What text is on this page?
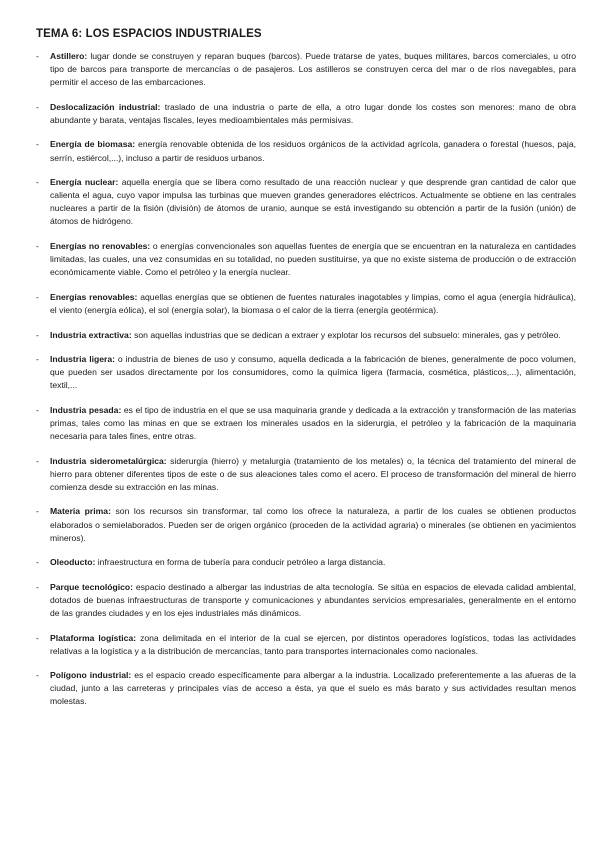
TEMA 6: LOS ESPACIOS INDUSTRIALES
- Astillero: lugar donde se construyen y reparan buques (barcos). Puede tratarse de yates, buques militares, barcos comerciales, u otro tipo de barcos para transporte de mercancías o de pasajeros. Los astilleros se construyen cerca del mar o de ríos navegables, para permitir el acceso de las embarcaciones.
- Deslocalización industrial: traslado de una industria o parte de ella, a otro lugar donde los costes son menores: mano de obra abundante y barata, ventajas fiscales, leyes medioambientales más permisivas.
- Energía de biomasa: energía renovable obtenida de los residuos orgánicos de la actividad agrícola, ganadera o forestal (huesos, paja, serrín, estiércol,...), incluso a partir de residuos urbanos.
- Energía nuclear: aquella energía que se libera como resultado de una reacción nuclear y que desprende gran cantidad de calor que calienta el agua, cuyo vapor impulsa las turbinas que mueven grandes generadores eléctricos. Actualmente se obtiene en las centrales nucleares a partir de la fisión (división) de átomos de uranio, aunque se está investigando su obtención a partir de la fusión (unión) de átomos de hidrógeno.
- Energías no renovables: o energías convencionales son aquellas fuentes de energía que se encuentran en la naturaleza en cantidades limitadas, las cuales, una vez consumidas en su totalidad, no pueden sustituirse, ya que no existe sistema de producción o de extracción económicamente viable. Como el petróleo y la energía nuclear.
- Energías renovables: aquellas energías que se obtienen de fuentes naturales inagotables y limpias, como el agua (energía hidráulica), el viento (energía eólica), el sol (energía solar), la biomasa o el calor de la tierra (energía geotérmica).
- Industria extractiva: son aquellas industrias que se dedican a extraer y explotar los recursos del subsuelo: minerales, gas y petróleo.
- Industria ligera: o industria de bienes de uso y consumo, aquella dedicada a la fabricación de bienes, generalmente de poco volumen, que pueden ser usados directamente por los consumidores, como la química ligera (farmacia, cosmética, plásticos,...), alimentación, textil,...
- Industria pesada: es el tipo de industria en el que se usa maquinaria grande y dedicada a la extracción y transformación de las materias primas, tales como las minas en que se extraen los minerales usados en la siderurgia, el petróleo y la fabricación de la maquinaria necesaria para tales fines, entre otras.
- Industria siderometalúrgica: siderurgia (hierro) y metalurgia (tratamiento de los metales) o, la técnica del tratamiento del mineral de hierro para obtener diferentes tipos de este o de sus aleaciones tales como el acero. El proceso de transformación del mineral de hierro comienza desde su extracción en las minas.
- Materia prima: son los recursos sin transformar, tal como los ofrece la naturaleza, a partir de los cuales se obtienen productos elaborados o semielaborados. Pueden ser de origen orgánico (proceden de la actividad agraria) o minerales (se obtienen en yacimientos mineros).
- Oleoducto: infraestructura en forma de tubería para conducir petróleo a larga distancia.
- Parque tecnológico: espacio destinado a albergar las industrias de alta tecnología. Se sitúa en espacios de elevada calidad ambiental, dotados de buenas infraestructuras de transporte y comunicaciones y abundantes servicios empresariales, generalmente en el entorno de las grandes ciudades y en los ejes industriales más dinámicos.
- Plataforma logística: zona delimitada en el interior de la cual se ejercen, por distintos operadores logísticos, todas las actividades relativas a la logística y a la distribución de mercancías, tanto para transportes internacionales como nacionales.
- Polígono industrial: es el espacio creado específicamente para albergar a la industria. Localizado preferentemente a las afueras de la ciudad, junto a las carreteras y principales vías de acceso a ésta, ya que el suelo es más barato y sus actividades resultan menos molestas.
